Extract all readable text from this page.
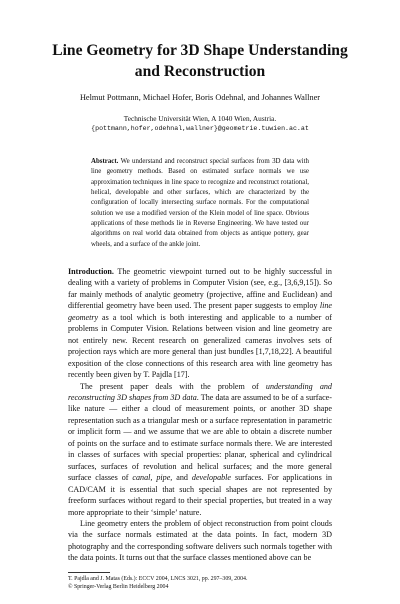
Line Geometry for 3D Shape Understanding and Reconstruction
Helmut Pottmann, Michael Hofer, Boris Odehnal, and Johannes Wallner
Technische Universität Wien, A 1040 Wien, Austria.
{pottmann,hofer,odehnal,wallner}@geometrie.tuwien.ac.at
Abstract. We understand and reconstruct special surfaces from 3D data with line geometry methods. Based on estimated surface normals we use approximation techniques in line space to recognize and reconstruct rotational, helical, developable and other surfaces, which are characterized by the configuration of locally intersecting surface normals. For the computational solution we use a modified version of the Klein model of line space. Obvious applications of these methods lie in Reverse Engineering. We have tested our algorithms on real world data obtained from objects as antique pottery, gear wheels, and a surface of the ankle joint.

Introduction. The geometric viewpoint turned out to be highly successful in dealing with a variety of problems in Computer Vision (see, e.g., [3,6,9,15]). So far mainly methods of analytic geometry (projective, affine and Euclidean) and differential geometry have been used. The present paper suggests to employ line geometry as a tool which is both interesting and applicable to a number of problems in Computer Vision. Relations between vision and line geometry are not entirely new. Recent research on generalized cameras involves sets of projection rays which are more general than just bundles [1,7,18,22]. A beautiful exposition of the close connections of this research area with line geometry has recently been given by T. Pajdla [17].

The present paper deals with the problem of understanding and reconstructing 3D shapes from 3D data. The data are assumed to be of a surface-like nature — either a cloud of measurement points, or another 3D shape representation such as a triangular mesh or a surface representation in parametric or implicit form — and we assume that we are able to obtain a discrete number of points on the surface and to estimate surface normals there. We are interested in classes of surfaces with special properties: planar, spherical and cylindrical surfaces, surfaces of revolution and helical surfaces; and the more general surface classes of canal, pipe, and developable surfaces. For applications in CAD/CAM it is essential that such special shapes are not represented by freeform surfaces without regard to their special properties, but treated in a way more appropriate to their ‘simple’ nature.

Line geometry enters the problem of object reconstruction from point clouds via the surface normals estimated at the data points. In fact, modern 3D photography and the corresponding software delivers such normals together with the data points. It turns out that the surface classes mentioned above can be

T. Pajdla and J. Matas (Eds.): ECCV 2004, LNCS 3021, pp. 297–309, 2004.
© Springer-Verlag Berlin Heidelberg 2004
